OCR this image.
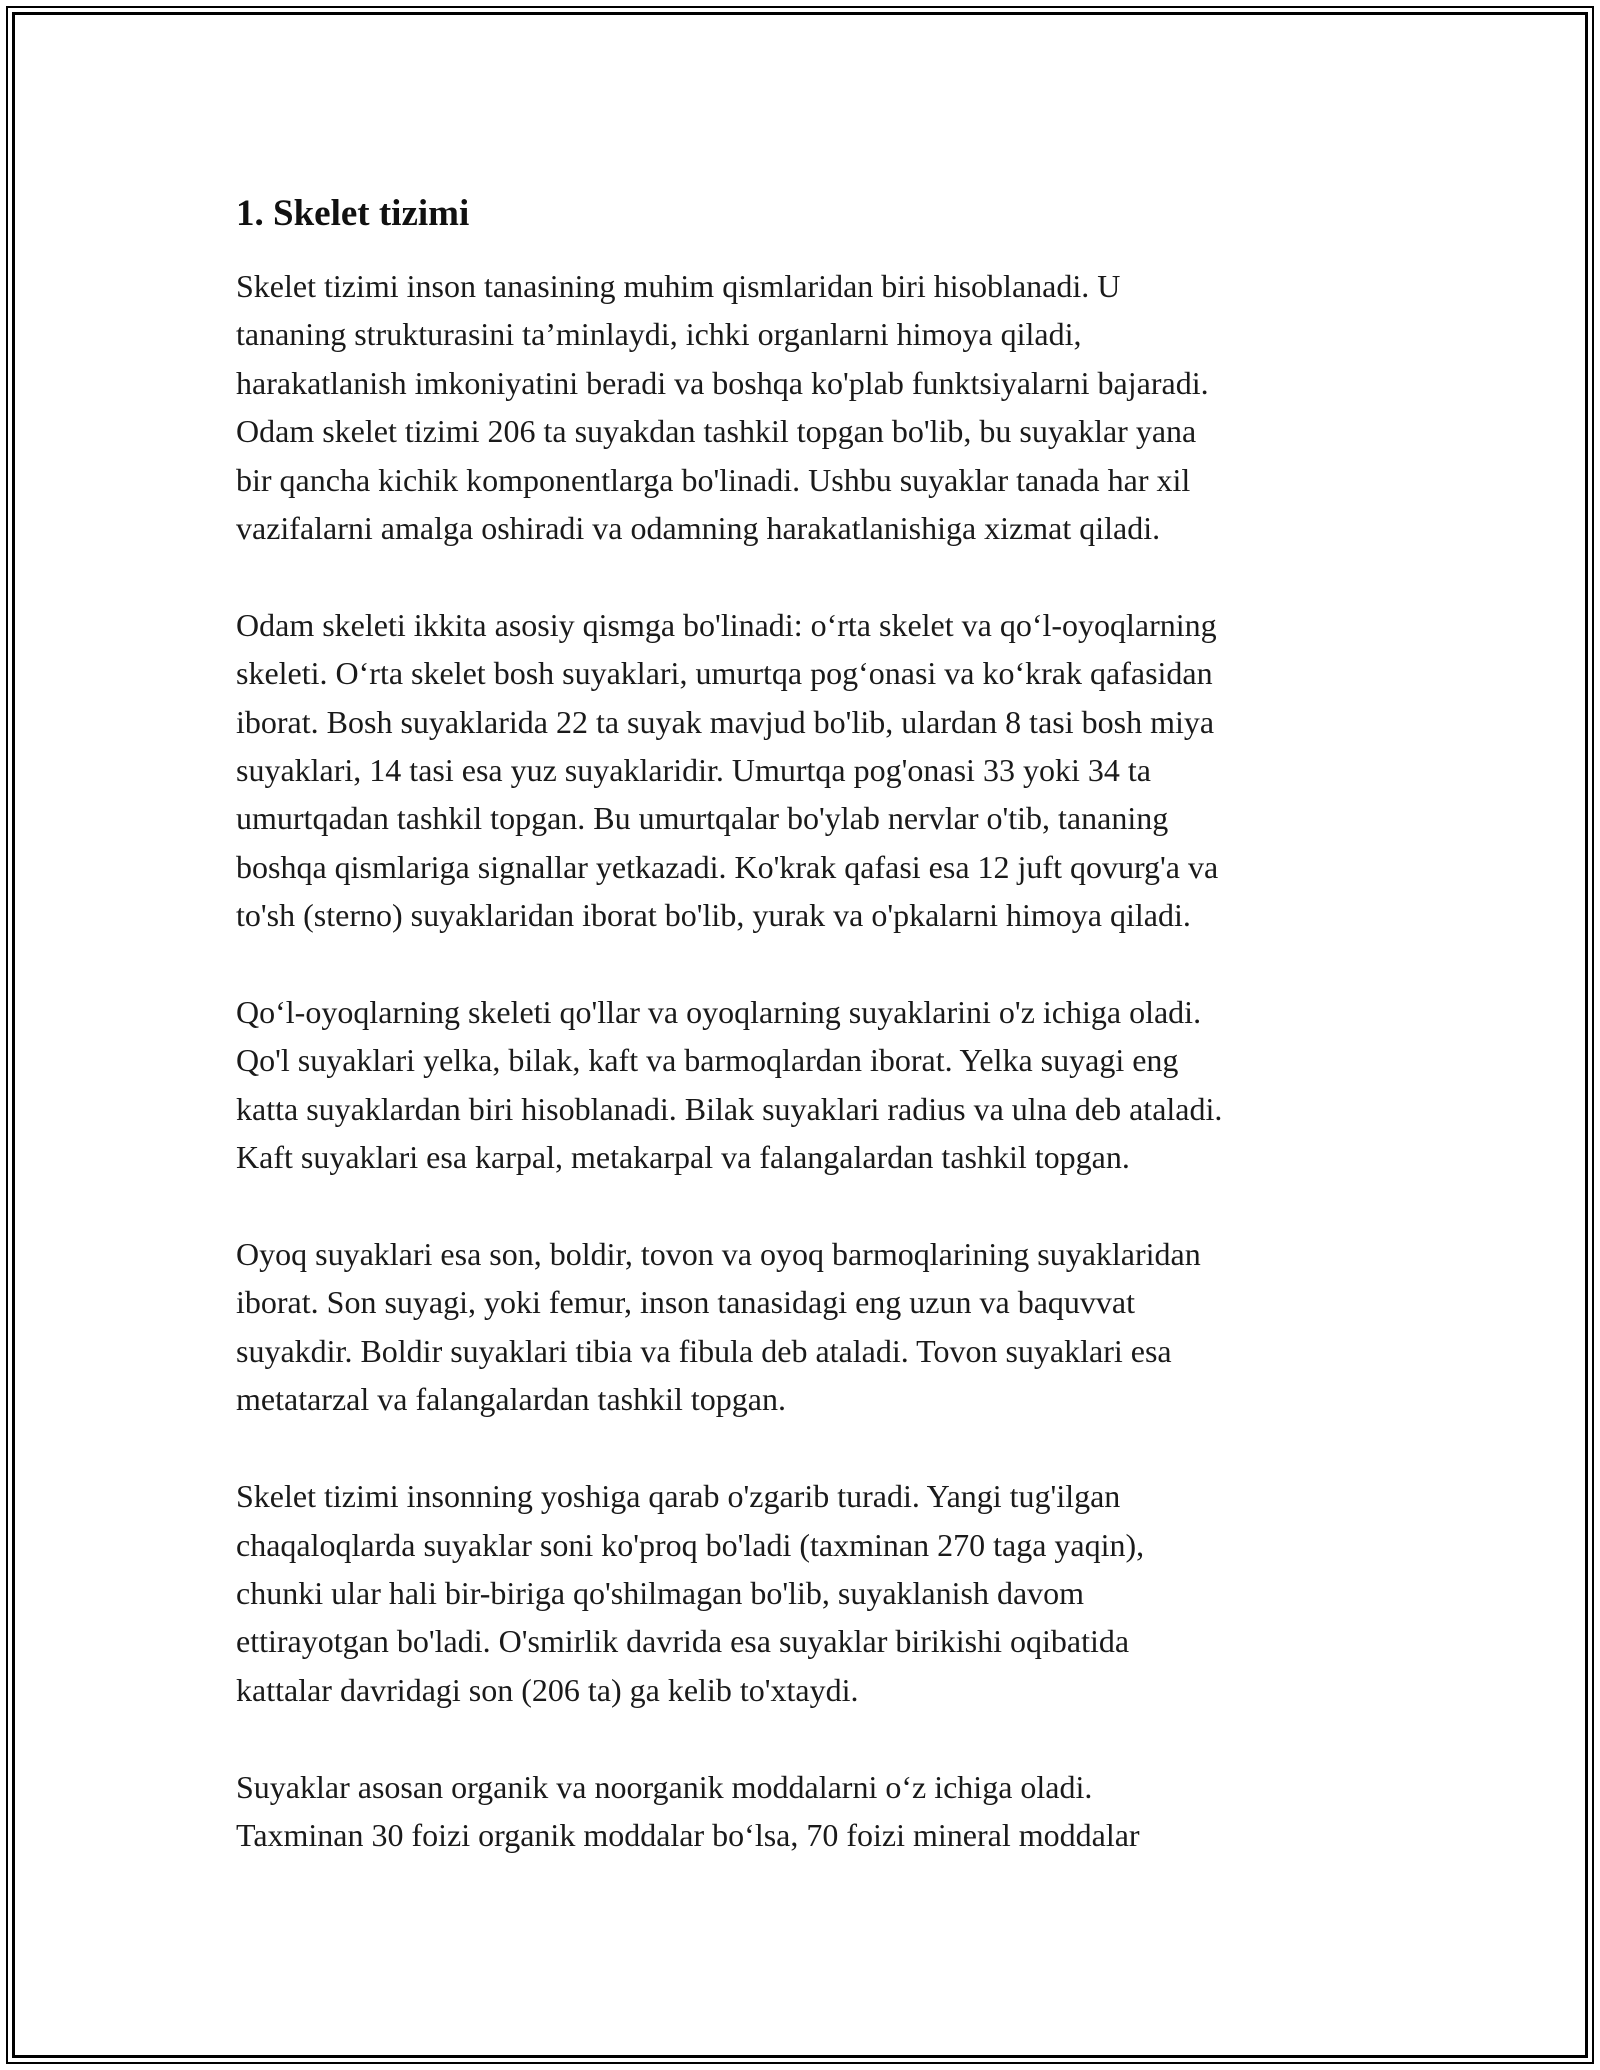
1. Skelet tizimi

Skelet tizimi inson tanasining muhim qismlaridan biri hisoblanadi. U
tananing strukturasini ta’minlaydi, ichki organlarni himoya qiladi,
harakatlanish imkoniyatini beradi va boshqa ko'plab funktsiyalarni bajaradi.
Odam skelet tizimi 206 ta suyakdan tashkil topgan bo'lib, bu suyaklar yana
bir qancha kichik komponentlarga bo'linadi. Ushbu suyaklar tanada har xil
vazifalarni amalga oshiradi va odamning harakatlanishiga xizmat qiladi.

Odam skeleti ikkita asosiy qismga bo'linadi: o‘rta skelet va qo‘l-oyoqlarning
skeleti. O‘rta skelet bosh suyaklari, umurtqa pog‘onasi va ko‘krak qafasidan
iborat. Bosh suyaklarida 22 ta suyak mavjud bo'lib, ulardan 8 tasi bosh miya
suyaklari, 14 tasi esa yuz suyaklaridir. Umurtqa pog'onasi 33 yoki 34 ta
umurtqadan tashkil topgan. Bu umurtqalar bo'ylab nervlar o'tib, tananing
boshqa qismlariga signallar yetkazadi. Ko'krak qafasi esa 12 juft qovurg'a va
to'sh (sterno) suyaklaridan iborat bo'lib, yurak va o'pkalarni himoya qiladi.

Qo‘l-oyoqlarning skeleti qo'llar va oyoqlarning suyaklarini o'z ichiga oladi.
Qo'l suyaklari yelka, bilak, kaft va barmoqlardan iborat. Yelka suyagi eng
katta suyaklardan biri hisoblanadi. Bilak suyaklari radius va ulna deb ataladi.
Kaft suyaklari esa karpal, metakarpal va falangalardan tashkil topgan.

Oyoq suyaklari esa son, boldir, tovon va oyoq barmoqlarining suyaklaridan
iborat. Son suyagi, yoki femur, inson tanasidagi eng uzun va baquvvat
suyakdir. Boldir suyaklari tibia va fibula deb ataladi. Tovon suyaklari esa
metatarzal va falangalardan tashkil topgan.

Skelet tizimi insonning yoshiga qarab o'zgarib turadi. Yangi tug'ilgan
chaqaloqlarda suyaklar soni ko'proq bo'ladi (taxminan 270 taga yaqin),
chunki ular hali bir-biriga qo'shilmagan bo'lib, suyaklanish davom
ettirayotgan bo'ladi. O'smirlik davrida esa suyaklar birikishi oqibatida
kattalar davridagi son (206 ta) ga kelib to'xtaydi.

Suyaklar asosan organik va noorganik moddalarni o‘z ichiga oladi.
Taxminan 30 foizi organik moddalar bo‘lsa, 70 foizi mineral moddalar
